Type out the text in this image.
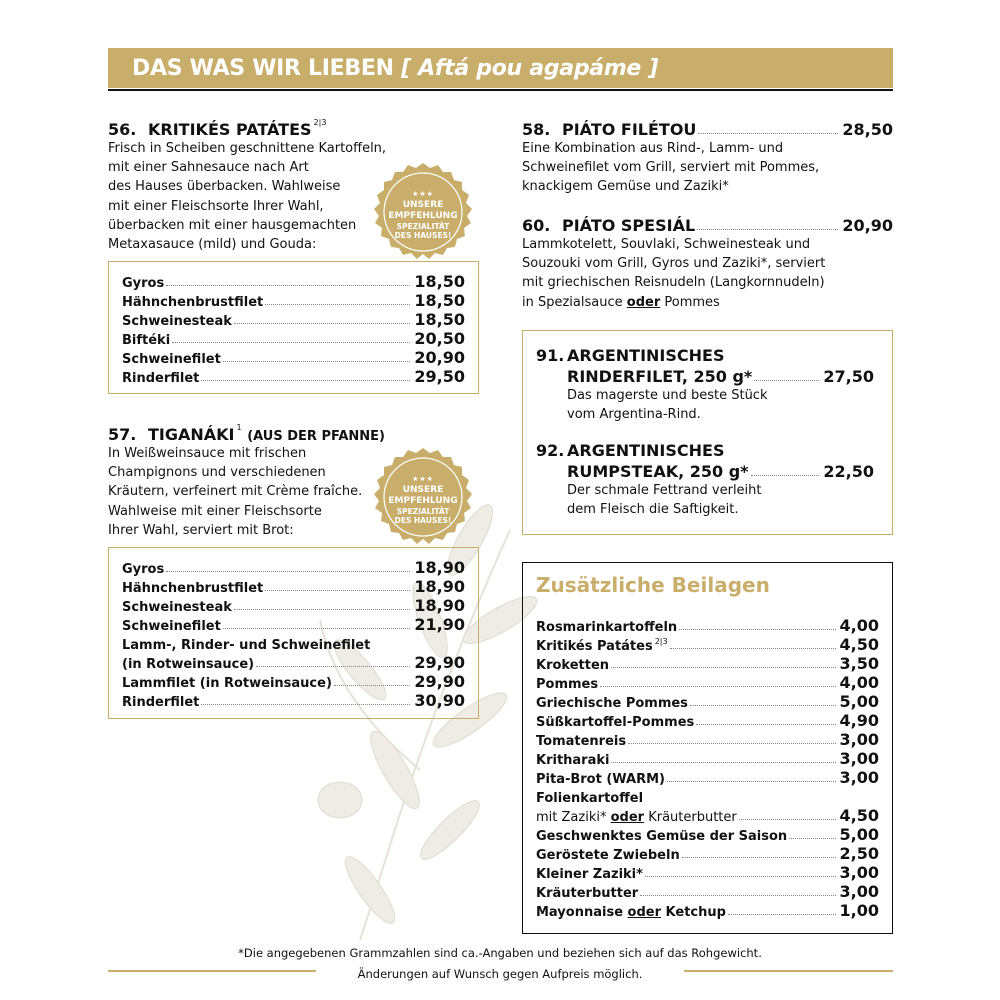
DAS WAS WIR LIEBEN [ Aftá pou agapáme ]
56. KRITIKÉS PATÁTES $^{2|3}$
Frisch in Scheiben geschnittene Kartoffeln,
mit einer Sahnesauce nach Art
des Hauses überbacken. Wahlweise
mit einer Fleischsorte Ihrer Wahl,
überbacken mit einer hausgemachten
Metaxasauce (mild) und Gouda:
★★★
UNSERE
EMPFEHLUNG
SPEZIALITÄT
DES HAUSES!
Gyros	18,50
Hähnchenbrustfilet	18,50
Schweinesteak	18,50
Biftéki	20,50
Schweinefilet	20,90
Rinderfilet	29,50
57. TIGANÁKI $^1$ (AUS DER PFANNE)
In Weißweinsauce mit frischen
Champignons und verschiedenen
Kräutern, verfeinert mit Crème fraîche.
Wahlweise mit einer Fleischsorte
Ihrer Wahl, serviert mit Brot:
★★★
UNSERE
EMPFEHLUNG
SPEZIALITÄT
DES HAUSES!
Gyros	18,90
Hähnchenbrustfilet	18,90
Schweinesteak	18,90
Schweinefilet	21,90
Lamm-, Rinder- und Schweinefilet
(in Rotweinsauce)	29,90
Lammfilet (in Rotweinsauce)	29,90
Rinderfilet	30,90
58. PIÁTO FILÉTOU	28,50
Eine Kombination aus Rind-, Lamm- und
Schweinefilet vom Grill, serviert mit Pommes,
knackigem Gemüse und Zaziki*
60. PIÁTO SPESIÁL	20,90
Lammkotelett, Souvlaki, Schweinesteak und
Souzouki vom Grill, Gyros und Zaziki*, serviert
mit griechischen Reisnudeln (Langkornnudeln)
in Spezialsauce oder Pommes
91. ARGENTINISCHES
RINDERFILET, 250 g*	27,50
Das magerste und beste Stück
vom Argentina-Rind.
92. ARGENTINISCHES
RUMPSTEAK, 250 g*	22,50
Der schmale Fettrand verleiht
dem Fleisch die Saftigkeit.
Zusätzliche Beilagen
Rosmarinkartoffeln	4,00
Kritikés Patátes $^{2|3}$	4,50
Kroketten	3,50
Pommes	4,00
Griechische Pommes	5,00
Süßkartoffel-Pommes	4,90
Tomatenreis	3,00
Kritharaki	3,00
Pita-Brot (WARM)	3,00
Folienkartoffel
mit Zaziki* oder Kräuterbutter	4,50
Geschwenktes Gemüse der Saison	5,00
Geröstete Zwiebeln	2,50
Kleiner Zaziki*	3,00
Kräuterbutter	3,00
Mayonnaise oder Ketchup	1,00
*Die angegebenen Grammzahlen sind ca.-Angaben und beziehen sich auf das Rohgewicht.
Änderungen auf Wunsch gegen Aufpreis möglich.
